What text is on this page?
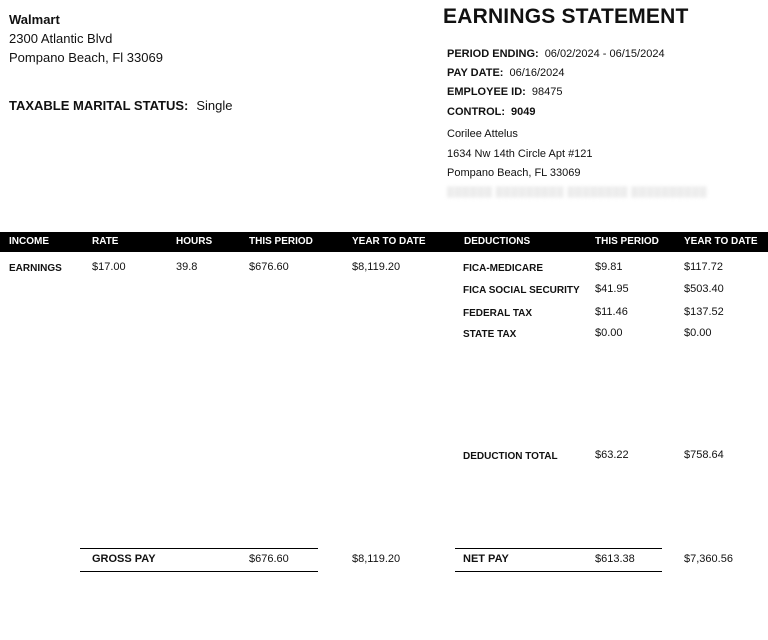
Walmart
2300 Atlantic Blvd
Pompano Beach, Fl 33069
TAXABLE MARITAL STATUS: Single
EARNINGS STATEMENT
PERIOD ENDING: 06/02/2024 - 06/15/2024
PAY DATE: 06/16/2024
EMPLOYEE ID: 98475
CONTROL: 9049
Corilee Attelus
1634 Nw 14th Circle Apt #121
Pompano Beach, FL 33069
▒▒▒▒▒▒ ▒▒▒▒▒▒▒▒▒ ▒▒▒▒▒▒▒▒ ▒▒▒▒▒▒▒▒▒▒
INCOME	RATE	HOURS	THIS PERIOD	YEAR TO DATE	DEDUCTIONS	THIS PERIOD	YEAR TO DATE
EARNINGS	$17.00	39.8	$676.60	$8,119.20	FICA-MEDICARE	$9.81	$117.72
FICA SOCIAL SECURITY $41.95	$503.40
FEDERAL TAX	$11.46	$137.52
STATE TAX	$0.00	$0.00
DEDUCTION TOTAL	$63.22	$758.64
GROSS PAY	$676.60	$8,119.20	NET PAY	$613.38	$7,360.56
